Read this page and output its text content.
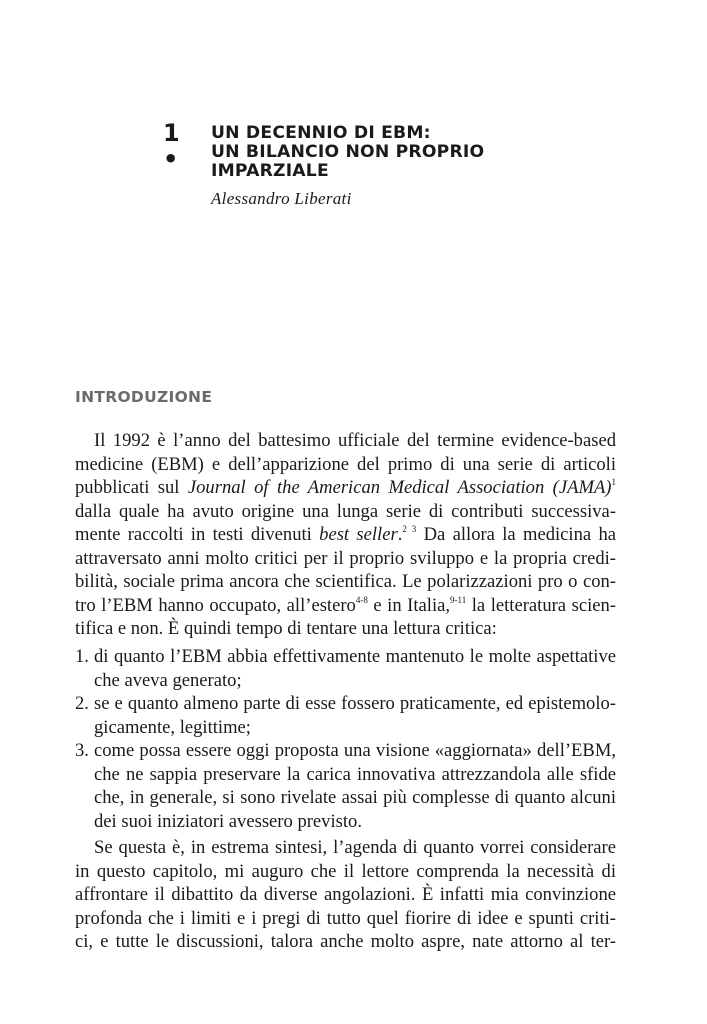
1 •
UN DECENNIO DI EBM:
UN BILANCIO NON PROPRIO
IMPARZIALE
Alessandro Liberati
INTRODUZIONE
Il 1992 è l’anno del battesimo ufficiale del termine evidence-based
medicine (EBM) e dell’apparizione del primo di una serie di articoli
pubblicati sul Journal of the American Medical Association (JAMA)$^1$
dalla quale ha avuto origine una lunga serie di contributi successiva-
mente raccolti in testi divenuti best seller.$^{2 3}$ Da allora la medicina ha
attraversato anni molto critici per il proprio sviluppo e la propria credi-
bilità, sociale prima ancora che scientifica. Le polarizzazioni pro o con-
tro l’EBM hanno occupato, all’estero$^{4-8}$ e in Italia,$^{9-11}$ la letteratura scien-
tifica e non. È quindi tempo di tentare una lettura critica:
1. di quanto l’EBM abbia effettivamente mantenuto le molte aspettative
che aveva generato;
2. se e quanto almeno parte di esse fossero praticamente, ed epistemolo-
gicamente, legittime;
3. come possa essere oggi proposta una visione «aggiornata» dell’EBM,
che ne sappia preservare la carica innovativa attrezzandola alle sfide
che, in generale, si sono rivelate assai più complesse di quanto alcuni
dei suoi iniziatori avessero previsto.
Se questa è, in estrema sintesi, l’agenda di quanto vorrei considerare
in questo capitolo, mi auguro che il lettore comprenda la necessità di
affrontare il dibattito da diverse angolazioni. È infatti mia convinzione
profonda che i limiti e i pregi di tutto quel fiorire di idee e spunti criti-
ci, e tutte le discussioni, talora anche molto aspre, nate attorno al ter-
